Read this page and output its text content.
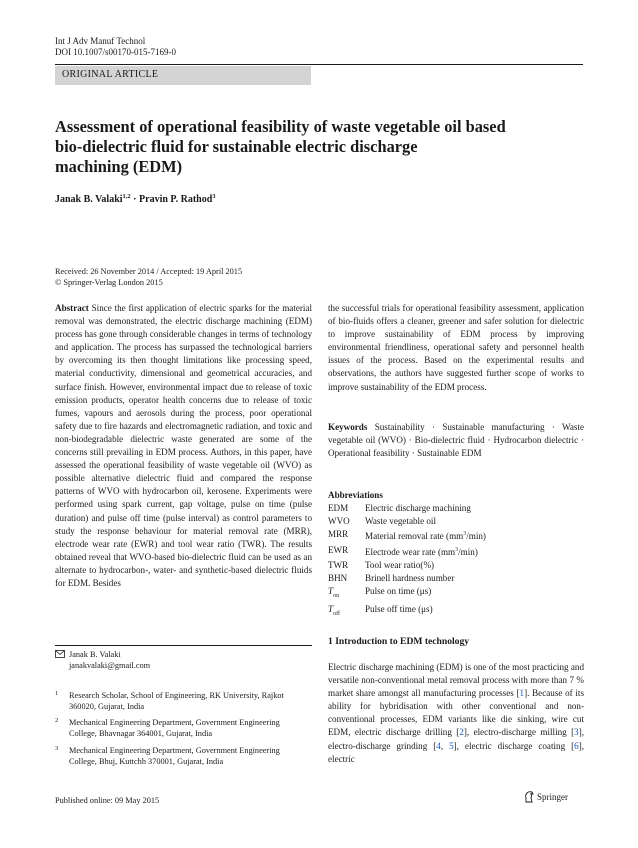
Int J Adv Manuf Technol
DOI 10.1007/s00170-015-7169-0
ORIGINAL ARTICLE
Assessment of operational feasibility of waste vegetable oil based
bio-dielectric fluid for sustainable electric discharge
machining (EDM)
Janak B. Valaki$^{1,2}$ · Pravin P. Rathod$^3$
Received: 26 November 2014 / Accepted: 19 April 2015
© Springer-Verlag London 2015
Abstract Since the first application of electric sparks for the material removal was demonstrated, the electric discharge machining (EDM) process has gone through considerable changes in terms of technology and application. The process has surpassed the technological barriers by overcoming its then thought limitations like processing speed, material conductivity, dimensional and geometrical accuracies, and surface finish. However, environmental impact due to release of toxic emission products, operator health concerns due to release of toxic fumes, vapours and aerosols during the process, poor operational safety due to fire hazards and electromagnetic radiation, and toxic and non-biodegradable dielectric waste generated are some of the concerns still prevailing in EDM process. Authors, in this paper, have assessed the operational feasibility of waste vegetable oil (WVO) as possible alternative dielectric fluid and compared the response patterns of WVO with hydrocarbon oil, kerosene. Experiments were performed using spark current, gap voltage, pulse on time (pulse duration) and pulse off time (pulse interval) as control parameters to study the response behaviour for material removal rate (MRR), electrode wear rate (EWR) and tool wear ratio (TWR). The results obtained reveal that WVO-based bio-dielectric fluid can be used as an alternate to hydrocarbon-, water- and synthetic-based dielectric fluids for EDM. Besides
the successful trials for operational feasibility assessment, application of bio-fluids offers a cleaner, greener and safer solution for dielectric to improve sustainability of EDM process by improving environmental friendliness, operational safety and personnel health issues of the process. Based on the experimental results and observations, the authors have suggested further scope of works to improve sustainability of the EDM process.
Keywords Sustainability · Sustainable manufacturing · Waste vegetable oil (WVO) · Bio-dielectric fluid · Hydrocarbon dielectric · Operational feasibility · Sustainable EDM
Abbreviations
EDM	Electric discharge machining
WVO	Waste vegetable oil
MRR	Material removal rate $(mm^3/\min)$
EWR	Electrode wear rate $(mm^3/\min)$
TWR	Tool wear ratio(%)
BHN	Brinell hardness number
$T_{on}$	Pulse on time (μs)
$T_{off}$	Pulse off time (μs)
1 Introduction to EDM technology
Electric discharge machining (EDM) is one of the most practicing and versatile non-conventional metal removal process with more than 7 % market share amongst all manufacturing processes [1]. Because of its ability for hybridisation with other conventional and non-conventional processes, EDM variants like die sinking, wire cut EDM, electric discharge drilling [2], electro-discharge milling [3], electro-discharge grinding [4, 5], electric discharge coating [6], electric
Janak B. Valaki
janakvalaki@gmail.com
1 Research Scholar, School of Engineering, RK University, Rajkot 360020, Gujarat, India
2 Mechanical Engineering Department, Government Engineering College, Bhavnagar 364001, Gujarat, India
3 Mechanical Engineering Department, Government Engineering College, Bhuj, Kuttchh 370001, Gujarat, India
Published online: 09 May 2015	Springer
